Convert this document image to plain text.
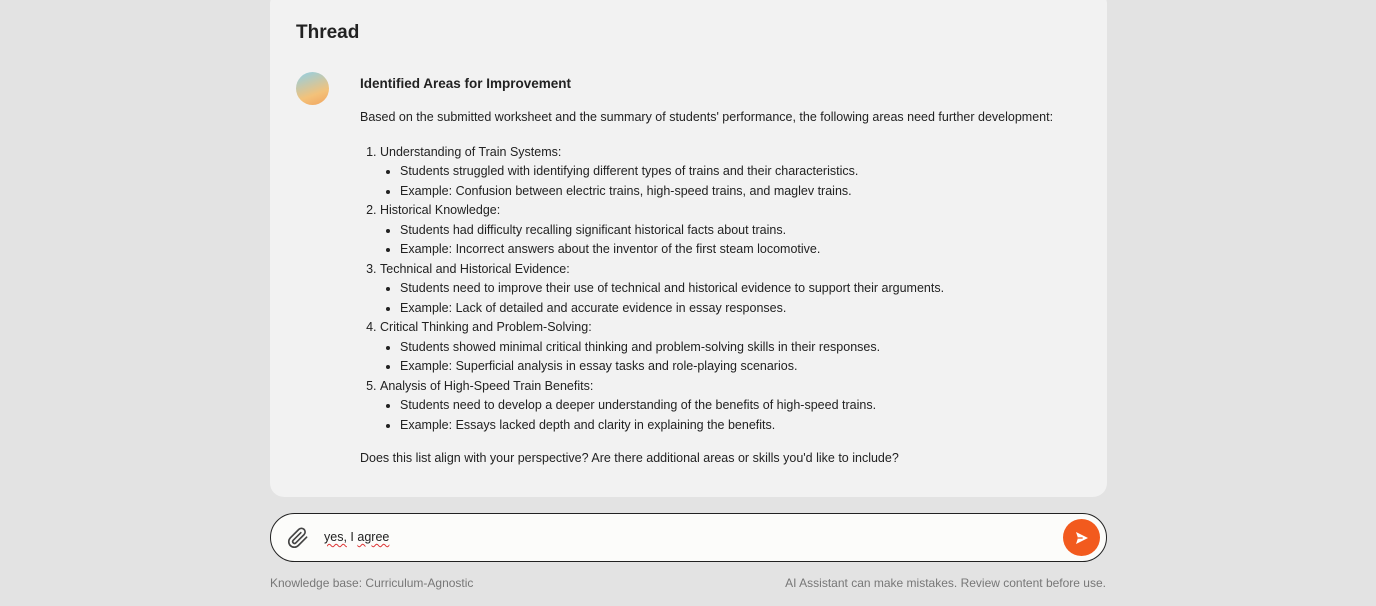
Thread
Identified Areas for Improvement

Based on the submitted worksheet and the summary of students' performance, the following areas need further development:

1. Understanding of Train Systems:
• Students struggled with identifying different types of trains and their characteristics.
• Example: Confusion between electric trains, high-speed trains, and maglev trains.
2. Historical Knowledge:
• Students had difficulty recalling significant historical facts about trains.
• Example: Incorrect answers about the inventor of the first steam locomotive.
3. Technical and Historical Evidence:
• Students need to improve their use of technical and historical evidence to support their arguments.
• Example: Lack of detailed and accurate evidence in essay responses.
4. Critical Thinking and Problem-Solving:
• Students showed minimal critical thinking and problem-solving skills in their responses.
• Example: Superficial analysis in essay tasks and role-playing scenarios.
5. Analysis of High-Speed Train Benefits:
• Students need to develop a deeper understanding of the benefits of high-speed trains.
• Example: Essays lacked depth and clarity in explaining the benefits.

Does this list align with your perspective? Are there additional areas or skills you'd like to include?

yes, I agree
Knowledge base: Curriculum-Agnostic	AI Assistant can make mistakes. Review content before use.
